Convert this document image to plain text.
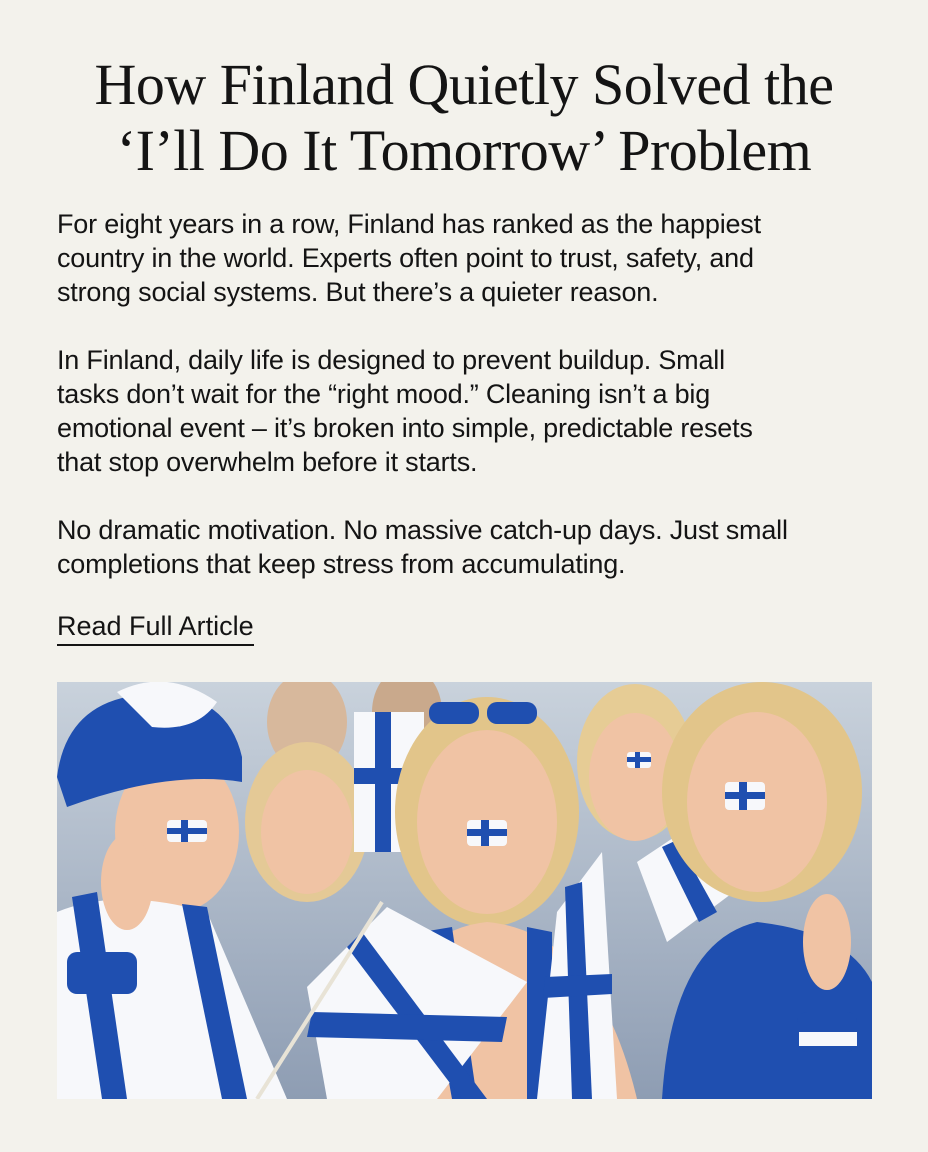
How Finland Quietly Solved the
‘I’ll Do It Tomorrow’ Problem

For eight years in a row, Finland has ranked as the happiest
country in the world. Experts often point to trust, safety, and
strong social systems. But there’s a quieter reason.

In Finland, daily life is designed to prevent buildup. Small
tasks don’t wait for the “right mood.” Cleaning isn’t a big
emotional event – it’s broken into simple, predictable resets
that stop overwhelm before it starts.

No dramatic motivation. No massive catch-up days. Just small
completions that keep stress from accumulating.

Read Full Article
